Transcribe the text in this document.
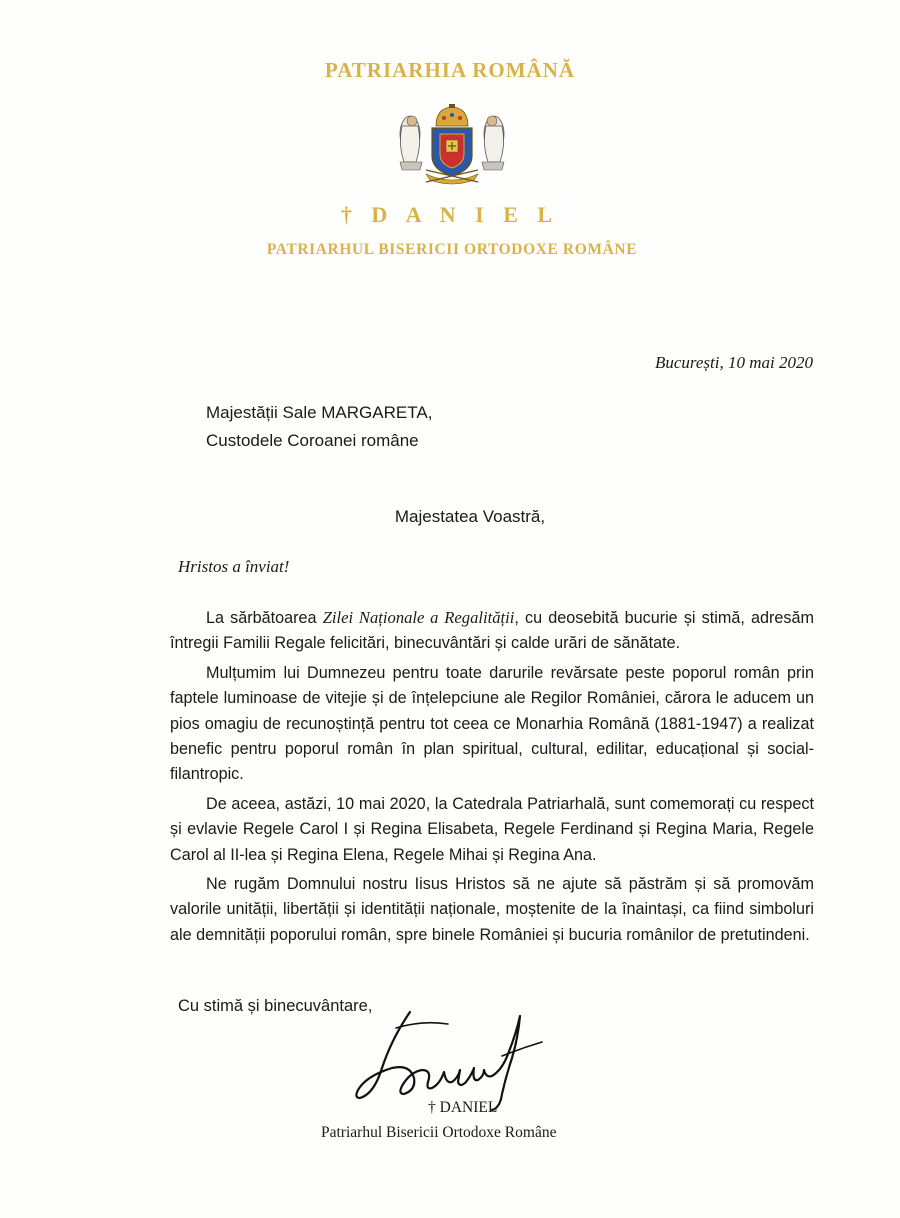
PATRIARHIA ROMÂNĂ
† D A N I E L
PATRIARHUL BISERICII ORTODOXE ROMÂNE
București, 10 mai 2020
Majestății Sale MARGARETA,
Custodele Coroanei române
Majestatea Voastră,
Hristos a înviat!

La sărbătoarea Zilei Naționale a Regalității, cu deosebită bucurie și stimă, adresăm întregii Familii Regale felicitări, binecuvântări și calde urări de sănătate.

Mulțumim lui Dumnezeu pentru toate darurile revărsate peste poporul român prin faptele luminoase de vitejie și de înțelepciune ale Regilor României, cărora le aducem un pios omagiu de recunoștință pentru tot ceea ce Monarhia Română (1881-1947) a realizat benefic pentru poporul român în plan spiritual, cultural, edilitar, educațional și social-filantropic.

De aceea, astăzi, 10 mai 2020, la Catedrala Patriarhală, sunt comemorați cu respect și evlavie Regele Carol I și Regina Elisabeta, Regele Ferdinand și Regina Maria, Regele Carol al II-lea și Regina Elena, Regele Mihai și Regina Ana.

Ne rugăm Domnului nostru Iisus Hristos să ne ajute să păstrăm și să promovăm valorile unității, libertății și identității naționale, moștenite de la înaintași, ca fiind simboluri ale demnității poporului român, spre binele României și bucuria românilor de pretutindeni.

Cu stimă și binecuvântare,
† DANIEL
Patriarhul Bisericii Ortodoxe Române
